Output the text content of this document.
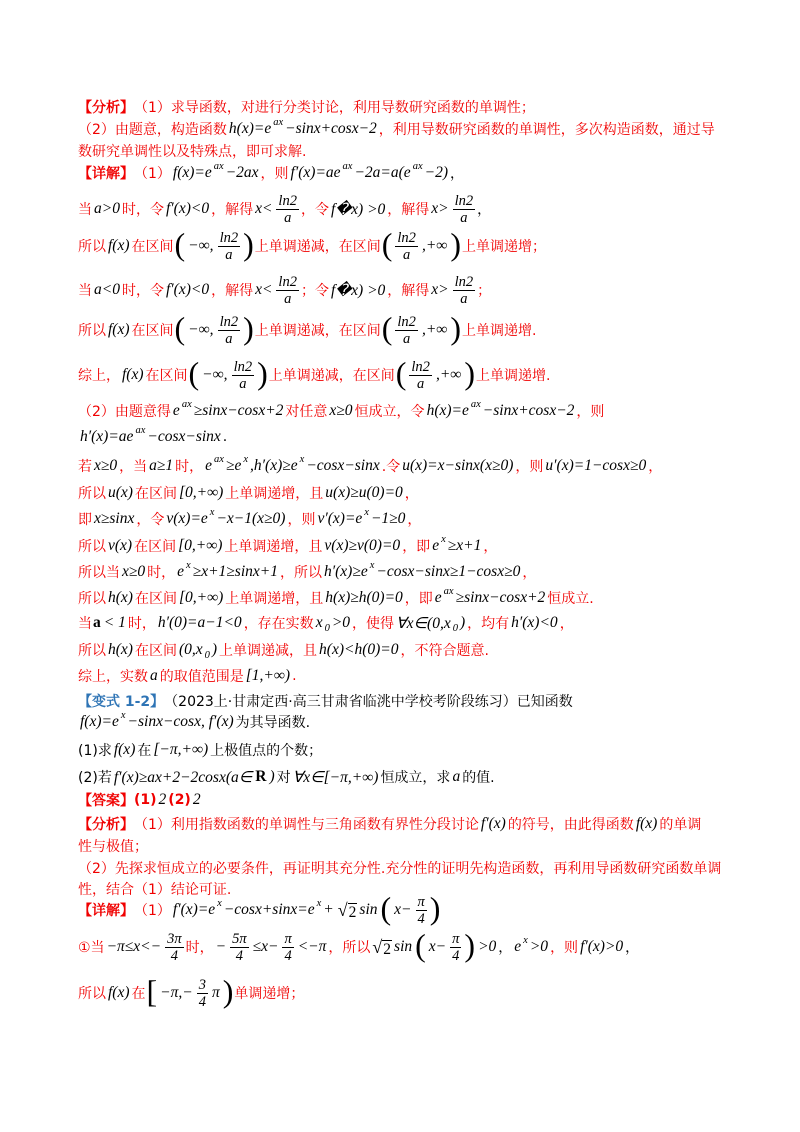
【分析】 （1）求导函数，对进行分类讨论，利用导数研究函数的单调性；
（2）由题意，构造函数 h(x)=e ax −sinx+cosx−2 ，利用导数研究函数的单调性，多次构造函数，通过导
数研究单调性以及特殊点，即可求解.
【详解】 （1） f(x)=e ax −2ax ，则 f′(x)=ae ax −2a=a(e ax −2) ，
当 a>0 时，令 f′(x)<0 ，解得 $x< \frac{\ln 2}{a}$ ，令 f�x) >0 ，解得 $x> \frac{\ln 2}{a}$ ，
所以 f(x) 在区间 ( −∞, $\frac{\ln 2}{a}$ ) 上单调递减，在区间 ( $\frac{\ln 2}{a}$ ,+∞ ) 上单调递增；
当 a<0 时，令 f′(x)<0 ，解得 $x< \frac{\ln 2}{a}$ ；令 f�x) >0 ，解得 $x> \frac{\ln 2}{a}$ ；
所以 f(x) 在区间 ( −∞, $\frac{\ln 2}{a}$ ) 上单调递减，在区间 ( $\frac{\ln 2}{a}$ ,+∞ ) 上单调递增.
综上， f(x) 在区间 ( −∞, $\frac{\ln 2}{a}$ ) 上单调递减，在区间 ( $\frac{\ln 2}{a}$ ,+∞ ) 上单调递增.
（2）由题意得 e ax ≥sinx−cosx+2 对任意 x≥0 恒成立，令 h(x)=e ax −sinx+cosx−2 ，则
h′(x)=ae ax −cosx−sinx .
若 x≥0 ，当 a≥1 时， e ax ≥e x ,h′(x)≥e x −cosx−sinx .令 u(x)=x−sinx(x≥0) ，则 u′(x)=1−cosx≥0 ，
所以 u(x) 在区间 [0,+∞) 上单调递增，且 u(x)≥u(0)=0 ，
即 x≥sinx ，令 v(x)=e x −x−1(x≥0) ，则 v′(x)=e x −1≥0 ，
所以 v(x) 在区间 [0,+∞) 上单调递增，且 v(x)≥v(0)=0 ，即 e x ≥x+1 ，
所以当 x≥0 时， e x ≥x+1≥sinx+1 ，所以 h′(x)≥e x −cosx−sinx≥1−cosx≥0 ，
所以 h(x) 在区间 [0,+∞) 上单调递增，且 h(x)≥h(0)=0 ，即 e ax ≥sinx−cosx+2 恒成立.
当 a < 1 时， h′(0)=a−1<0 ，存在实数 x 0 >0 ，使得 ∀x∈(0,x 0 ) ，均有 h′(x)<0 ，
所以 h(x) 在区间 (0,x 0 ) 上单调递减，且 h(x)<h(0)=0 ，不符合题意.
综上，实数 a 的取值范围是 [1,+∞) .
【变式 1-2】 （2023上·甘肃定西·高三甘肃省临洮中学校考阶段练习）已知函数
f(x)=e x −sinx−cosx, f′(x) 为其导函数.
(1)求 f(x) 在 [−π,+∞) 上极值点的个数；
(2)若 f′(x)≥ax+2−2cosx(a∈ R ) 对 ∀x∈[−π,+∞) 恒成立，求 a 的值.
【答案】 (1) 2 (2) 2
【分析】 （1）利用指数函数的单调性与三角函数有界性分段讨论 f′(x) 的符号，由此得函数 f(x) 的单调
性与极值；
（2）先探求恒成立的必要条件，再证明其充分性.充分性的证明先构造函数，再利用导函数研究函数单调
性，结合（1）结论可证.
【详解】 （1） f′(x)=e x −cosx+sinx=e x + √ 2 sin ( $x- \frac{\pi}{4}$ )
①当 $-\pi\le x<- \frac{3\pi}{4}$ 时， − $\frac{5\pi}{4} \le x- \frac{\pi}{4} <-\pi$ ，所以 √ 2 sin ( $x- \frac{\pi}{4}$ ) >0 ， e x >0 ，则 f′(x)>0 ，
所以 f(x) 在 [ $-\pi,- \frac{3}{4}$ π ) 单调递增；
